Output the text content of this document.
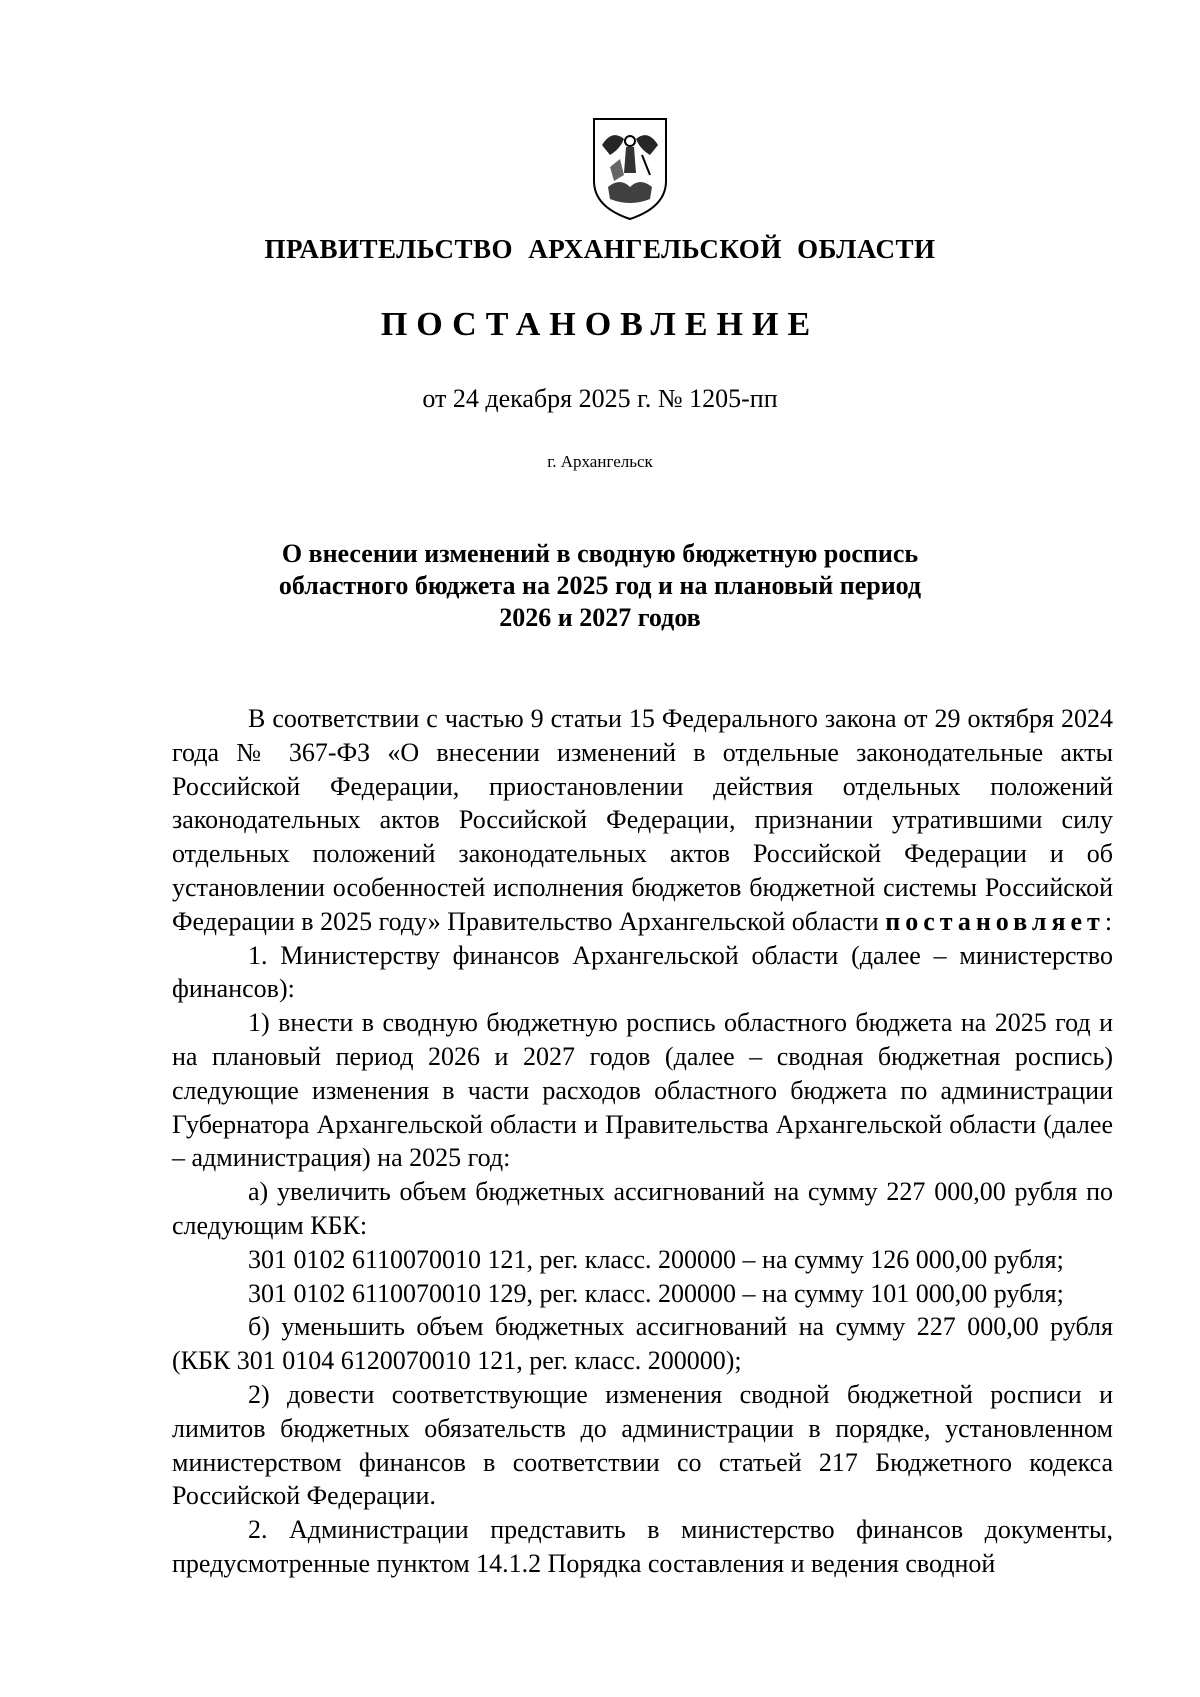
ПРАВИТЕЛЬСТВО АРХАНГЕЛЬСКОЙ ОБЛАСТИ
ПОСТАНОВЛЕНИЕ
от 24 декабря 2025 г. № 1205-пп
г. Архангельск
О внесении изменений в сводную бюджетную роспись
областного бюджета на 2025 год и на плановый период
2026 и 2027 годов

В соответствии с частью 9 статьи 15 Федерального закона от 29 октября 2024 года № 367-ФЗ «О внесении изменений в отдельные законодательные акты Российской Федерации, приостановлении действия отдельных положений законодательных актов Российской Федерации, признании утратившими силу отдельных положений законодательных актов Российской Федерации и об установлении особенностей исполнения бюджетов бюджетной системы Российской Федерации в 2025 году» Правительство Архангельской области постановляет:

1. Министерству финансов Архангельской области (далее – министерство финансов):

1) внести в сводную бюджетную роспись областного бюджета на 2025 год и на плановый период 2026 и 2027 годов (далее – сводная бюджетная роспись) следующие изменения в части расходов областного бюджета по администрации Губернатора Архангельской области и Правительства Архангельской области (далее – администрация) на 2025 год:

а) увеличить объем бюджетных ассигнований на сумму 227 000,00 рубля по следующим КБК:

301 0102 6110070010 121, рег. класс. 200000 – на сумму 126 000,00 рубля;

301 0102 6110070010 129, рег. класс. 200000 – на сумму 101 000,00 рубля;

б) уменьшить объем бюджетных ассигнований на сумму 227 000,00 рубля (КБК 301 0104 6120070010 121, рег. класс. 200000);

2) довести соответствующие изменения сводной бюджетной росписи и лимитов бюджетных обязательств до администрации в порядке, установленном министерством финансов в соответствии со статьей 217 Бюджетного кодекса Российской Федерации.

2. Администрации представить в министерство финансов документы, предусмотренные пунктом 14.1.2 Порядка составления и ведения сводной
